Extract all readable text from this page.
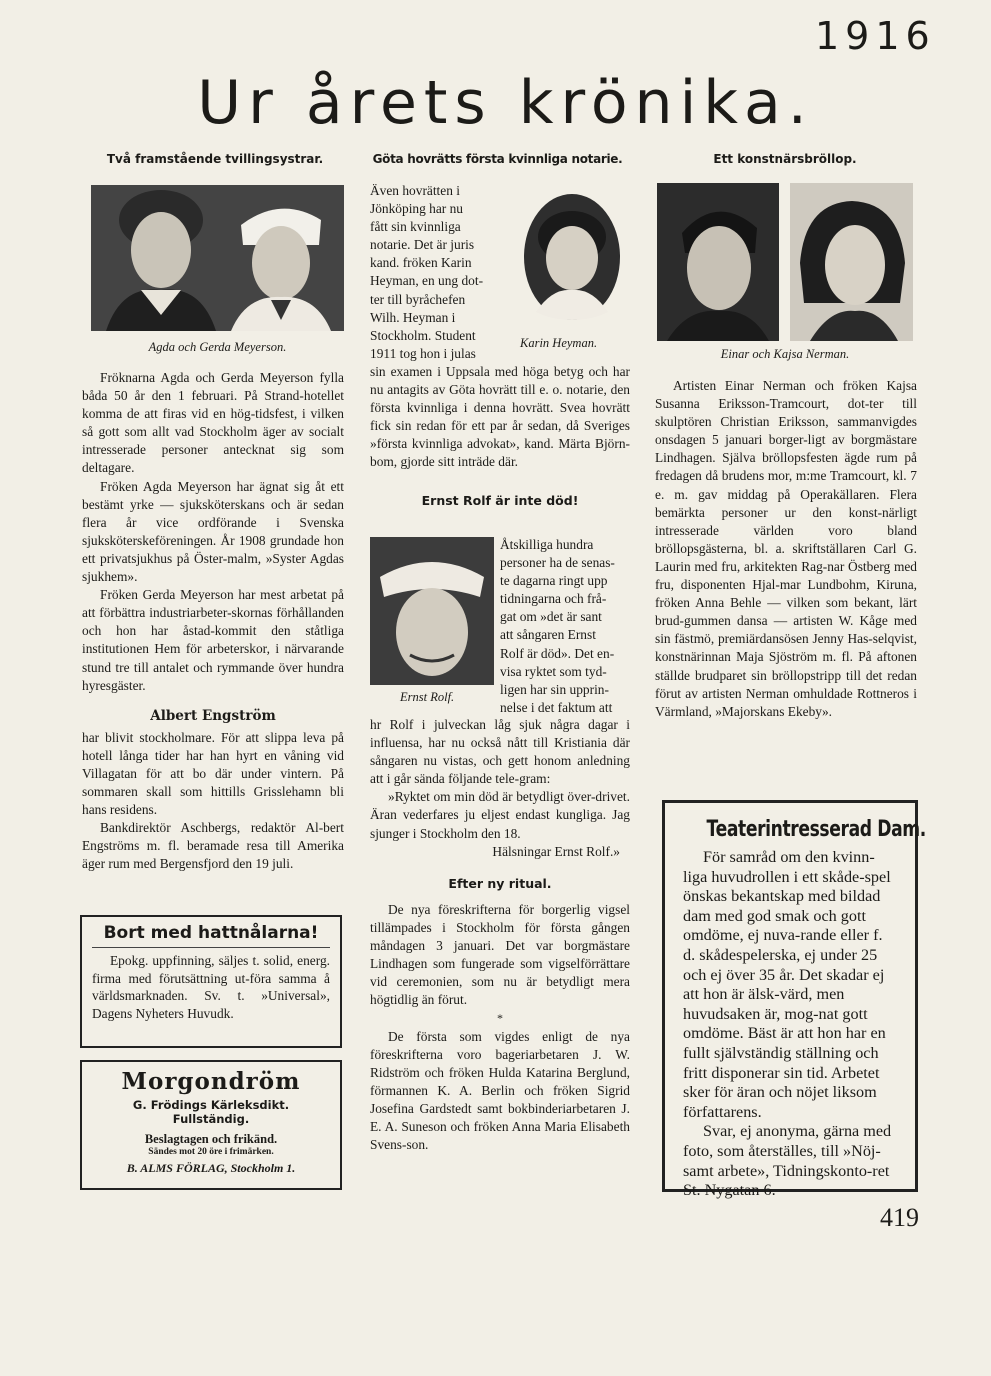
1916
Ur årets krönika.
Två framstående tvillingsystrar.
Agda och Gerda Meyerson.

Fröknarna Agda och Gerda Meyerson fylla båda 50 år den 1 februari. På Strand-hotellet komma de att firas vid en hög-tidsfest, i vilken så gott som allt vad Stockholm äger av socialt intresserade personer antecknat sig som deltagare.

Fröken Agda Meyerson har ägnat sig åt ett bestämt yrke — sjuksköterskans och är sedan flera år vice ordförande i Svenska sjuksköterskeföreningen. År 1908 grundade hon ett privatsjukhus på Öster-malm, »Syster Agdas sjukhem».

Fröken Gerda Meyerson har mest arbetat på att förbättra industriarbeter-skornas förhållanden och hon har åstad-kommit den ståtliga institutionen Hem för arbeterskor, i närvarande stund tre till antalet och rymmande över hundra hyresgäster.

Albert Engström

har blivit stockholmare. För att slippa leva på hotell långa tider har han hyrt en våning vid Villagatan för att bo där under vintern. På sommaren skall som hittills Grisslehamn bli hans residens.

Bankdirektör Aschbergs, redaktör Al-bert Engströms m. fl. beramade resa till Amerika äger rum med Bergensfjord den 19 juli.

Bort med hattnålarna!
Epokg. uppfinning, säljes t. solid, energ. firma med förutsättning ut-föra samma å världsmarknaden. Sv. t. »Universal», Dagens Nyheters Huvudk.
Morgondröm
G. Frödings Kärleksdikt.
Fullständig.
Beslagtagen och frikänd.
Sändes mot 20 öre i frimärken.
B. ALMS FÖRLAG, Stockholm 1.
Göta hovrätts första kvinnliga notarie.
Även hovrätten i
Jönköping har nu
fått sin kvinnliga
notarie. Det är juris
kand. fröken Karin
Heyman, en ung dot-
ter till byråchefen
Wilh. Heyman i
Stockholm. Student
1911 tog hon i julas
Karin Heyman.

sin examen i Uppsala med höga betyg och har nu antagits av Göta hovrätt till e. o. notarie, den första kvinnliga i denna hovrätt. Svea hovrätt fick sin redan för ett par år sedan, då Sveriges »första kvinnliga advokat», kand. Märta Björn-bom, gjorde sitt inträde där.

Ernst Rolf är inte död!
Ernst Rolf.
Åtskilliga hundra
personer ha de senas-
te dagarna ringt upp
tidningarna och frå-
gat om »det är sant
att sångaren Ernst
Rolf är död». Det en-
visa ryktet som tyd-
ligen har sin upprin-
nelse i det faktum att

hr Rolf i julveckan låg sjuk några dagar i influensa, har nu också nått till Kristiania där sångaren nu vistas, och gett honom anledning att i går sända följande tele-gram:

»Ryktet om min död är betydligt över-drivet. Äran vederfares ju eljest endast kungliga. Jag sjunger i Stockholm den 18.

Hälsningar Ernst Rolf.»
Efter ny ritual.

De nya föreskrifterna för borgerlig vigsel tillämpades i Stockholm för första gången måndagen 3 januari. Det var borgmästare Lindhagen som fungerade som vigselförrättare vid ceremonien, som nu är betydligt mera högtidlig än förut.

*

De första som vigdes enligt de nya föreskrifterna voro bageriarbetaren J. W. Ridström och fröken Hulda Katarina Berglund, förmannen K. A. Berlin och fröken Sigrid Josefina Gardstedt samt bokbinderiarbetaren J. E. A. Suneson och fröken Anna Maria Elisabeth Svens-son.

Ett konstnärsbröllop.
Einar och Kajsa Nerman.

Artisten Einar Nerman och fröken Kajsa Susanna Eriksson-Tramcourt, dot-ter till skulptören Christian Eriksson, sammanvigdes onsdagen 5 januari borger-ligt av borgmästare Lindhagen. Själva bröllopsfesten ägde rum på fredagen då brudens mor, m:me Tramcourt, kl. 7 e. m. gav middag på Operakällaren. Flera bemärkta personer ur den konst-närligt intresserade världen voro bland bröllopsgästerna, bl. a. skriftställaren Carl G. Laurin med fru, arkitekten Rag-nar Östberg med fru, disponenten Hjal-mar Lundbohm, Kiruna, fröken Anna Behle — vilken som bekant, lärt brud-gummen dansa — artisten W. Kåge med sin fästmö, premiärdansösen Jenny Has-selqvist, konstnärinnan Maja Sjöström m. fl. På aftonen ställde brudparet sin bröllopstripp till det redan förut av artisten Nerman omhuldade Rottneros i Värmland, »Majorskans Ekeby».

Teaterintresserad Dam.
För samråd om den kvinn-liga huvudrollen i ett skåde-spel önskas bekantskap med bildad dam med god smak och gott omdöme, ej nuva-rande eller f. d. skådespelerska, ej under 25 och ej över 35 år. Det skadar ej att hon är älsk-värd, men huvudsaken är, mog-nat gott omdöme. Bäst är att hon har en fullt självständig ställning och fritt disponerar sin tid. Arbetet sker för äran och nöjet liksom författarens.
Svar, ej anonyma, gärna med foto, som återställes, till »Nöj-samt arbete», Tidningskonto-ret St. Nygatan 6.
419
